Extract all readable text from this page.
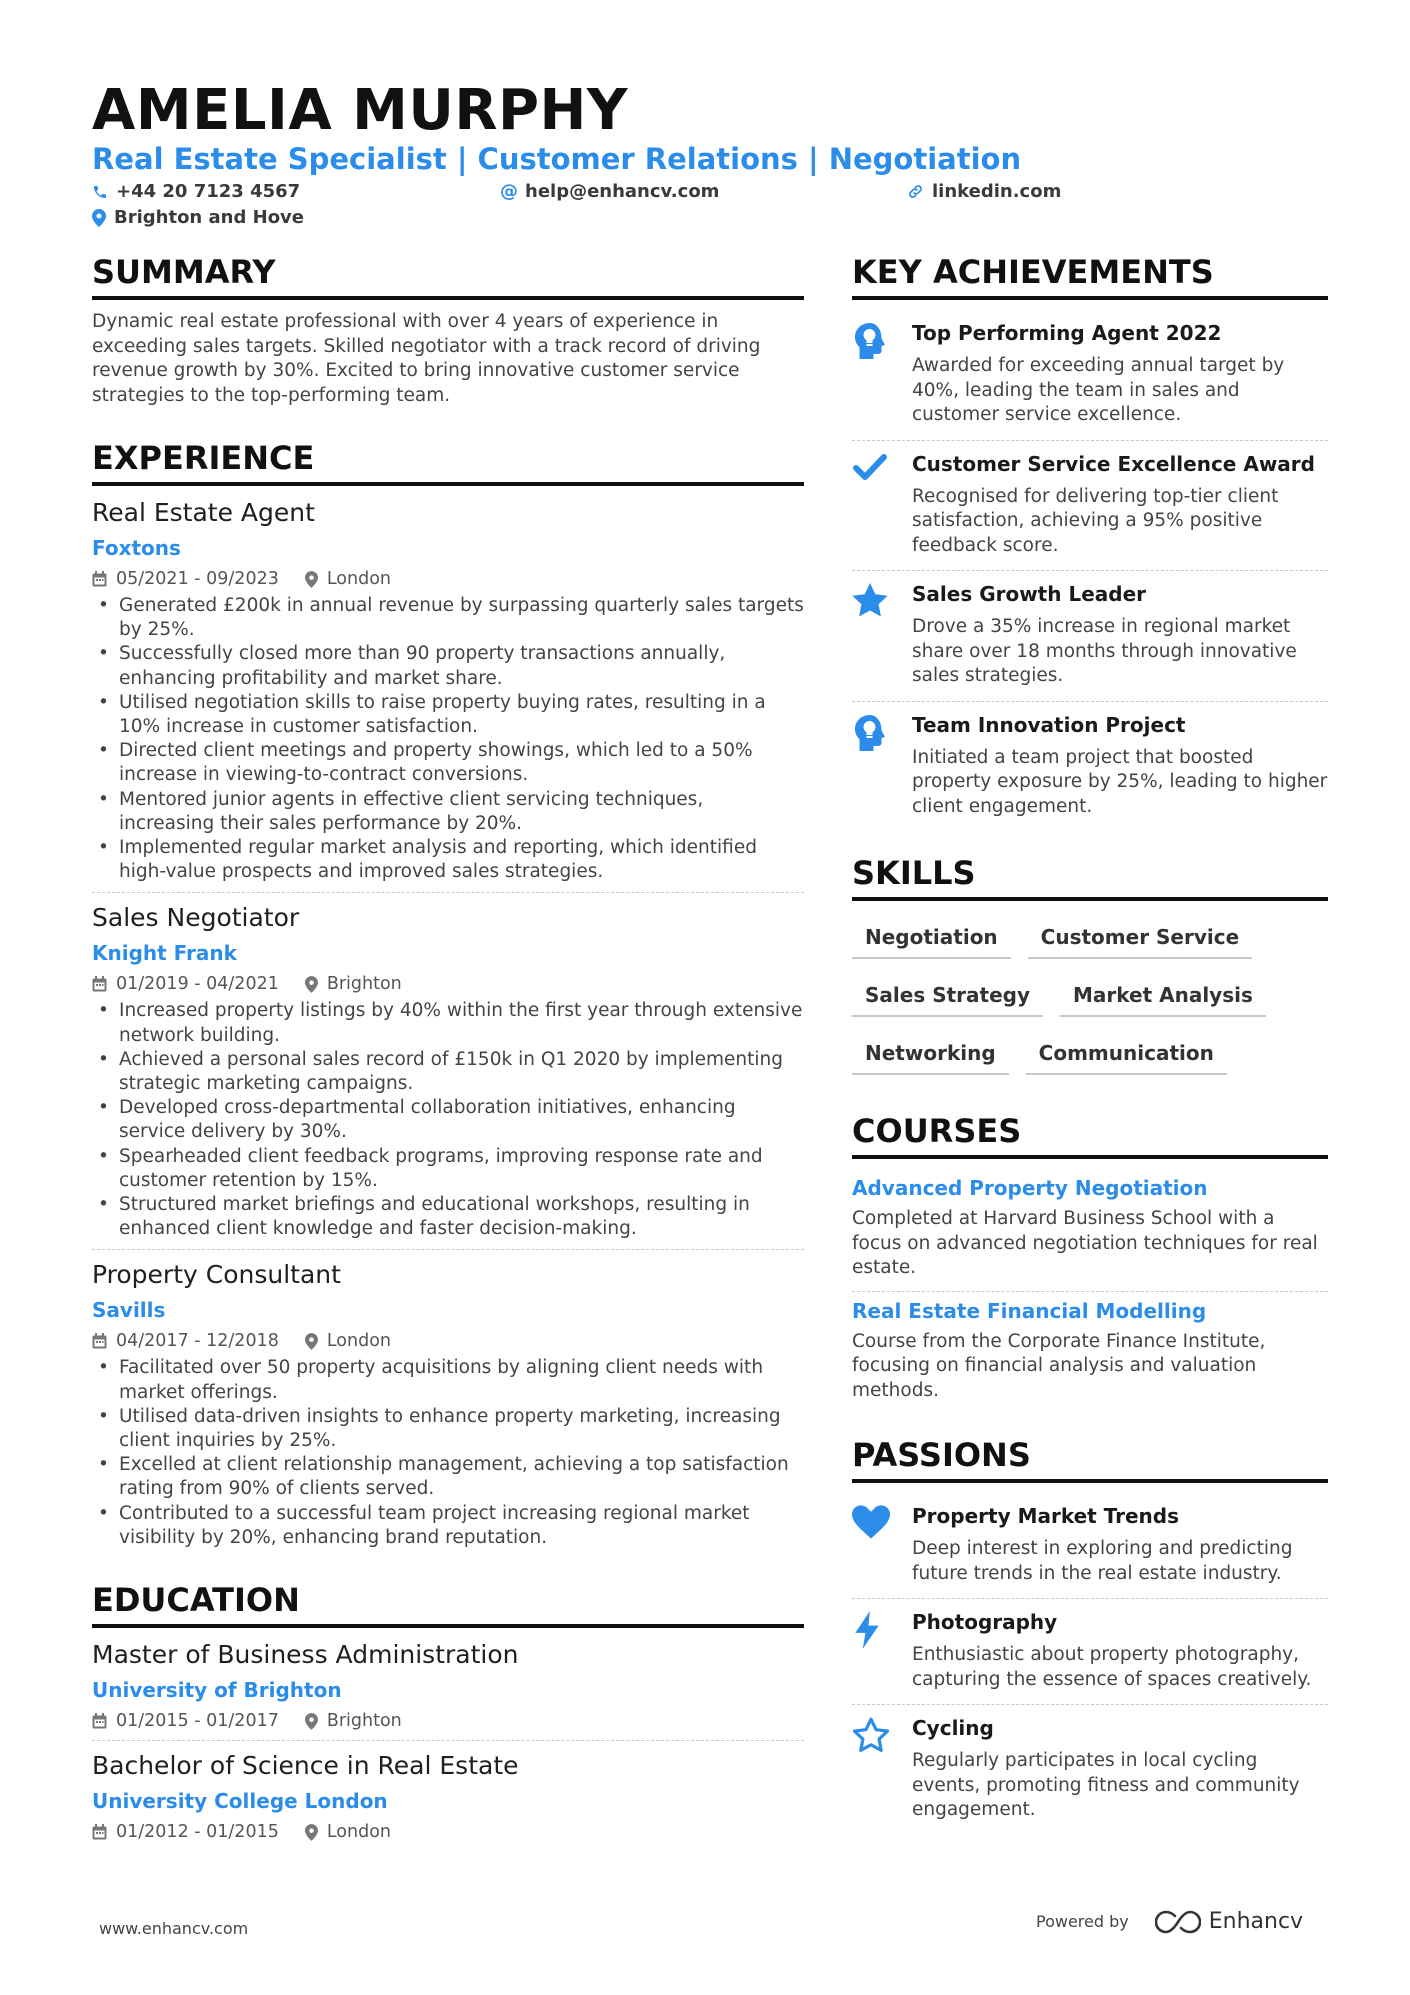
AMELIA MURPHY
Real Estate Specialist | Customer Relations | Negotiation
+44 20 7123 4567	@ help@enhancv.com	linkedin.com
Brighton and Hove
SUMMARY
Dynamic real estate professional with over 4 years of experience in exceeding sales targets. Skilled negotiator with a track record of driving revenue growth by 30%. Excited to bring innovative customer service strategies to the top-performing team.
EXPERIENCE
Real Estate Agent
Foxtons
05/2021 - 09/2023	London
• Generated £200k in annual revenue by surpassing quarterly sales targets by 25%.
• Successfully closed more than 90 property transactions annually, enhancing profitability and market share.
• Utilised negotiation skills to raise property buying rates, resulting in a 10% increase in customer satisfaction.
• Directed client meetings and property showings, which led to a 50% increase in viewing-to-contract conversions.
• Mentored junior agents in effective client servicing techniques, increasing their sales performance by 20%.
• Implemented regular market analysis and reporting, which identified high-value prospects and improved sales strategies.
Sales Negotiator
Knight Frank
01/2019 - 04/2021	Brighton
• Increased property listings by 40% within the first year through extensive network building.
• Achieved a personal sales record of £150k in Q1 2020 by implementing strategic marketing campaigns.
• Developed cross-departmental collaboration initiatives, enhancing service delivery by 30%.
• Spearheaded client feedback programs, improving response rate and customer retention by 15%.
• Structured market briefings and educational workshops, resulting in enhanced client knowledge and faster decision-making.
Property Consultant
Savills
04/2017 - 12/2018	London
• Facilitated over 50 property acquisitions by aligning client needs with market offerings.
• Utilised data-driven insights to enhance property marketing, increasing client inquiries by 25%.
• Excelled at client relationship management, achieving a top satisfaction rating from 90% of clients served.
• Contributed to a successful team project increasing regional market visibility by 20%, enhancing brand reputation.
EDUCATION
Master of Business Administration
University of Brighton
01/2015 - 01/2017	Brighton
Bachelor of Science in Real Estate
University College London
01/2012 - 01/2015	London
KEY ACHIEVEMENTS
Top Performing Agent 2022
Awarded for exceeding annual target by 40%, leading the team in sales and customer service excellence.
Customer Service Excellence Award
Recognised for delivering top-tier client satisfaction, achieving a 95% positive feedback score.
Sales Growth Leader
Drove a 35% increase in regional market share over 18 months through innovative sales strategies.
Team Innovation Project
Initiated a team project that boosted property exposure by 25%, leading to higher client engagement.
SKILLS
Negotiation	Customer Service
Sales Strategy	Market Analysis
Networking	Communication
COURSES
Advanced Property Negotiation
Completed at Harvard Business School with a focus on advanced negotiation techniques for real estate.
Real Estate Financial Modelling
Course from the Corporate Finance Institute, focusing on financial analysis and valuation methods.
PASSIONS
Property Market Trends
Deep interest in exploring and predicting future trends in the real estate industry.
Photography
Enthusiastic about property photography, capturing the essence of spaces creatively.
Cycling
Regularly participates in local cycling events, promoting fitness and community engagement.
www.enhancv.com	Powered by	Enhancv
